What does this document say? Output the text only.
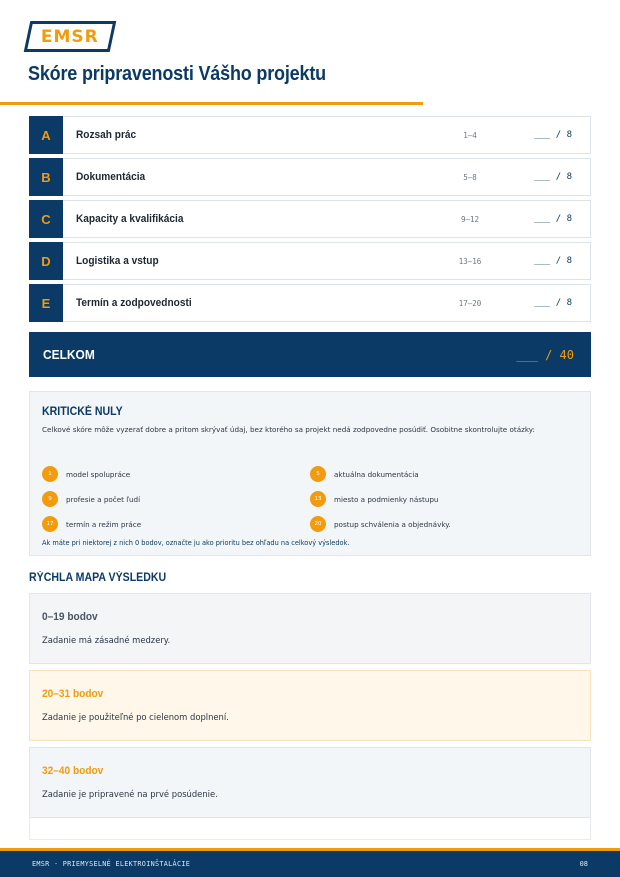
EMSR
Skóre pripravenosti Vášho projektu
A	Rozsah prác	1–4	___ / 8
B	Dokumentácia	5–8	___ / 8
C	Kapacity a kvalifikácia	9–12	___ / 8
D	Logistika a vstup	13–16	___ / 8
E	Termín a zodpovednosti	17–20	___ / 8
CELKOM	___ / 40
KRITICKÉ NULY
Celkové skóre môže vyzerať dobre a pritom skrývať údaj, bez ktorého sa projekt nedá zodpovedne posúdiť. Osobitne skontrolujte otázky:
1	model spolupráce	5	aktuálna dokumentácia
9	profesie a počet ľudí	13	miesto a podmienky nástupu
17	termín a režim práce	20	postup schválenia a objednávky.
Ak máte pri niektorej z nich 0 bodov, označte ju ako prioritu bez ohľadu na celkový výsledok.
RÝCHLA MAPA VÝSLEDKU
0–19 bodov
Zadanie má zásadné medzery.
20–31 bodov
Zadanie je použiteľné po cielenom doplnení.
32–40 bodov
Zadanie je pripravené na prvé posúdenie.
EMSR · PRIEMYSELNÉ ELEKTROINŠTALÁCIE	08
